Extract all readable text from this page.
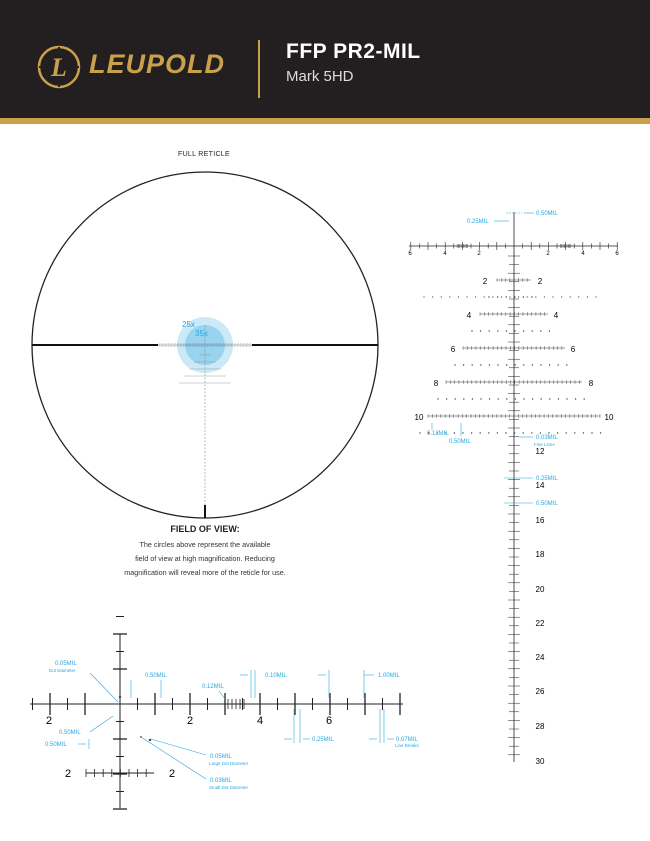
L LEUPOLD	FFP PR2-MIL
Mark 5HD
FULL RETICLE
FIELD OF VIEW:
The circles above represent the available
field of view at high magnification. Reducing
magnification will reveal more of the reticle for use.
25x
35x
6	4	2	2	4	6
2	2
4	4
6	6
8	8
10	10
12
14
16
18
20
22
24
26
28
30
0.50MIL
0.25MIL
0.12MIL
0.50MIL
0.03MIL
Fine Lines
0.25MIL
0.50MIL
2	2	4	6
2	2
0.05MIL
Dot Diameter
0.50MIL
0.12MIL
0.10MIL	1.00MIL
0.50MIL
0.50MIL
0.25MIL	0.07MIL
Line Breaks
0.05MIL
Large Dot Diameter
0.03MIL
Small Dot Diameter
